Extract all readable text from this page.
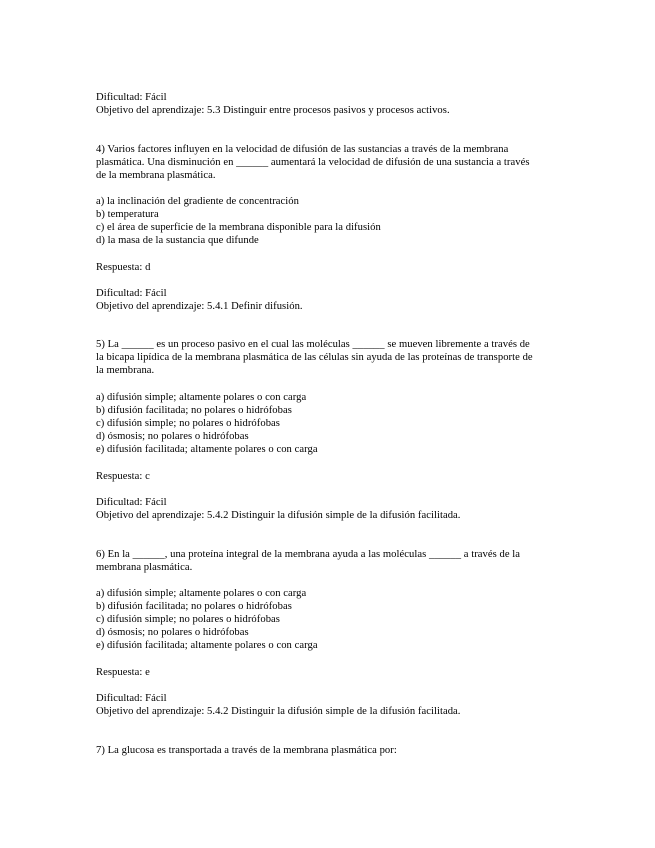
Dificultad: Fácil
Objetivo del aprendizaje: 5.3 Distinguir entre procesos pasivos y procesos activos.
4) Varios factores influyen en la velocidad de difusión de las sustancias a través de la membrana
plasmática. Una disminución en ______ aumentará la velocidad de difusión de una sustancia a través
de la membrana plasmática.
a) la inclinación del gradiente de concentración
b) temperatura
c) el área de superficie de la membrana disponible para la difusión
d) la masa de la sustancia que difunde
Respuesta: d
Dificultad: Fácil
Objetivo del aprendizaje: 5.4.1 Definir difusión.
5) La ______ es un proceso pasivo en el cual las moléculas ______ se mueven libremente a través de
la bicapa lipídica de la membrana plasmática de las células sin ayuda de las proteínas de transporte de
la membrana.
a) difusión simple; altamente polares o con carga
b) difusión facilitada; no polares o hidrófobas
c) difusión simple; no polares o hidrófobas
d) ósmosis; no polares o hidrófobas
e) difusión facilitada; altamente polares o con carga
Respuesta: c
Dificultad: Fácil
Objetivo del aprendizaje: 5.4.2 Distinguir la difusión simple de la difusión facilitada.
6) En la ______, una proteína integral de la membrana ayuda a las moléculas ______ a través de la
membrana plasmática.
a) difusión simple; altamente polares o con carga
b) difusión facilitada; no polares o hidrófobas
c) difusión simple; no polares o hidrófobas
d) ósmosis; no polares o hidrófobas
e) difusión facilitada; altamente polares o con carga
Respuesta: e
Dificultad: Fácil
Objetivo del aprendizaje: 5.4.2 Distinguir la difusión simple de la difusión facilitada.
7) La glucosa es transportada a través de la membrana plasmática por:
